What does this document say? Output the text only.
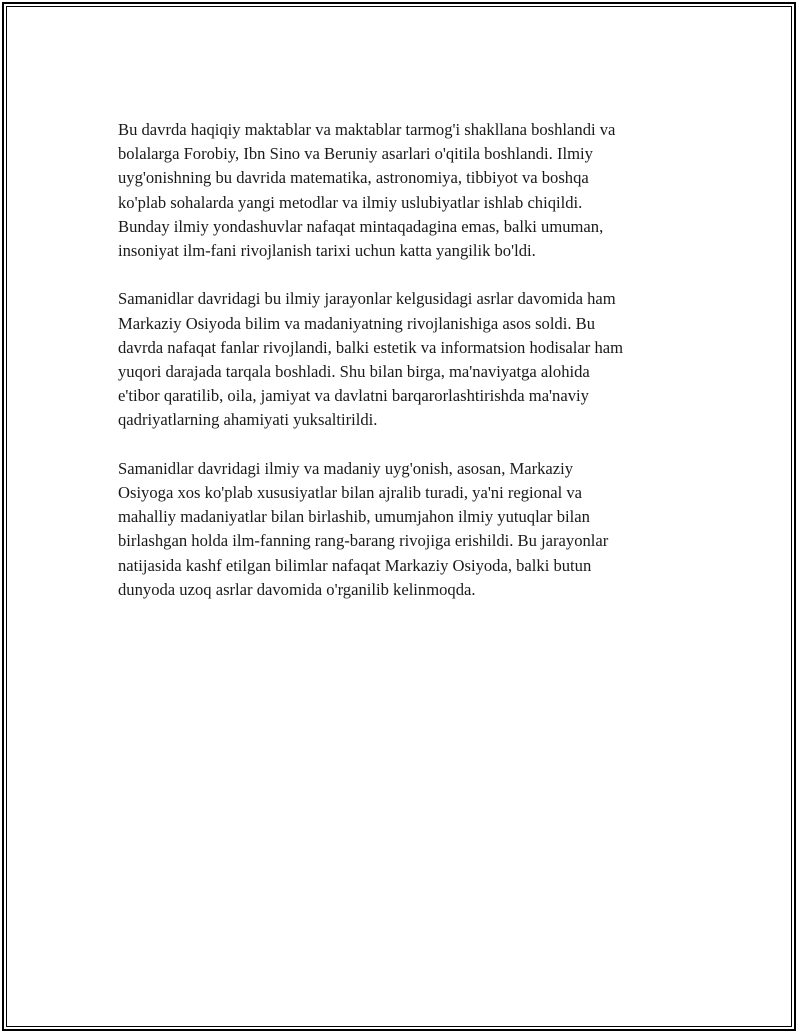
Bu davrda haqiqiy maktablar va maktablar tarmog'i shakllana boshlandi va
bolalarga Forobiy, Ibn Sino va Beruniy asarlari o'qitila boshlandi. Ilmiy
uyg'onishning bu davrida matematika, astronomiya, tibbiyot va boshqa
ko'plab sohalarda yangi metodlar va ilmiy uslubiyatlar ishlab chiqildi.
Bunday ilmiy yondashuvlar nafaqat mintaqadagina emas, balki umuman,
insoniyat ilm-fani rivojlanish tarixi uchun katta yangilik bo'ldi.

Samanidlar davridagi bu ilmiy jarayonlar kelgusidagi asrlar davomida ham
Markaziy Osiyoda bilim va madaniyatning rivojlanishiga asos soldi. Bu
davrda nafaqat fanlar rivojlandi, balki estetik va informatsion hodisalar ham
yuqori darajada tarqala boshladi. Shu bilan birga, ma'naviyatga alohida
e'tibor qaratilib, oila, jamiyat va davlatni barqarorlashtirishda ma'naviy
qadriyatlarning ahamiyati yuksaltirildi.

Samanidlar davridagi ilmiy va madaniy uyg'onish, asosan, Markaziy
Osiyoga xos ko'plab xususiyatlar bilan ajralib turadi, ya'ni regional va
mahalliy madaniyatlar bilan birlashib, umumjahon ilmiy yutuqlar bilan
birlashgan holda ilm-fanning rang-barang rivojiga erishildi. Bu jarayonlar
natijasida kashf etilgan bilimlar nafaqat Markaziy Osiyoda, balki butun
dunyoda uzoq asrlar davomida o'rganilib kelinmoqda.
